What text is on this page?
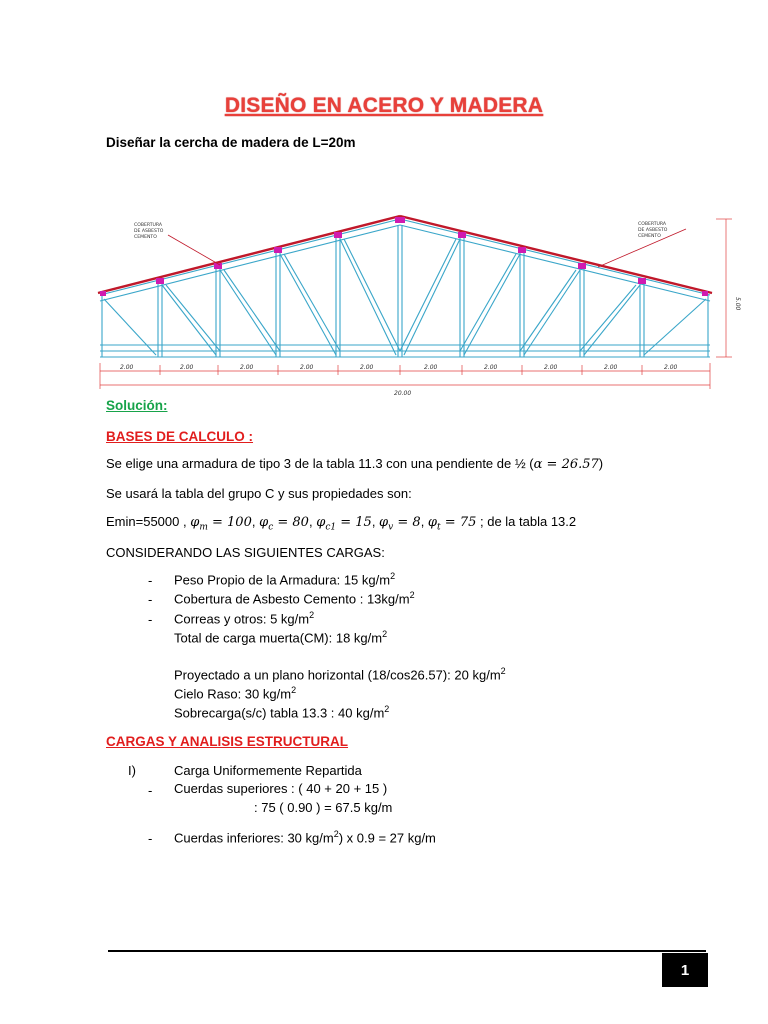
DISEÑO EN ACERO Y MADERA
Diseñar la cercha de madera de L=20m
COBERTURA
DE ASBESTO
CEMENTO
COBERTURA
DE ASBESTO
CEMENTO
2.00	2.00	2.00	2.00	2.00	2.00	2.00	2.00	2.00	2.00
20.00
5.00
Solución:
BASES DE CALCULO :
Se elige una armadura de tipo 3 de la tabla 11.3 con una pendiente de ½ (α = 26.57)
Se usará la tabla del grupo C y sus propiedades son:
Emin=55000 , $\varphi_m = 100$, $\varphi_c = 80$, $\varphi_{c1} = 15$, $\varphi_v = 8$, $\varphi_t = 75$ ; de la tabla 13.2
CONSIDERANDO LAS SIGUIENTES CARGAS:
- Peso Propio de la Armadura: 15 $kg/m^2$
- Cobertura de Asbesto Cemento : $13kg/m^2$
- Correas y otros: 5 $kg/m^2$
Total de carga muerta(CM): 18 $kg/m^2$
Proyectado a un plano horizontal (18/cos26.57): 20 $kg/m^2$
Cielo Raso: 30 $kg/m^2$
Sobrecarga(s/c) tabla 13.3 : 40 $kg/m^2$
CARGAS Y ANALISIS ESTRUCTURAL
I)	Carga Uniformemente Repartida
- Cuerdas superiores : ( 40 + 20 + 15 )
: 75 ( 0.90 ) = 67.5 kg/m
- Cuerdas inferiores: 30 $kg/m^2$) x 0.9 = 27 kg/m
1
